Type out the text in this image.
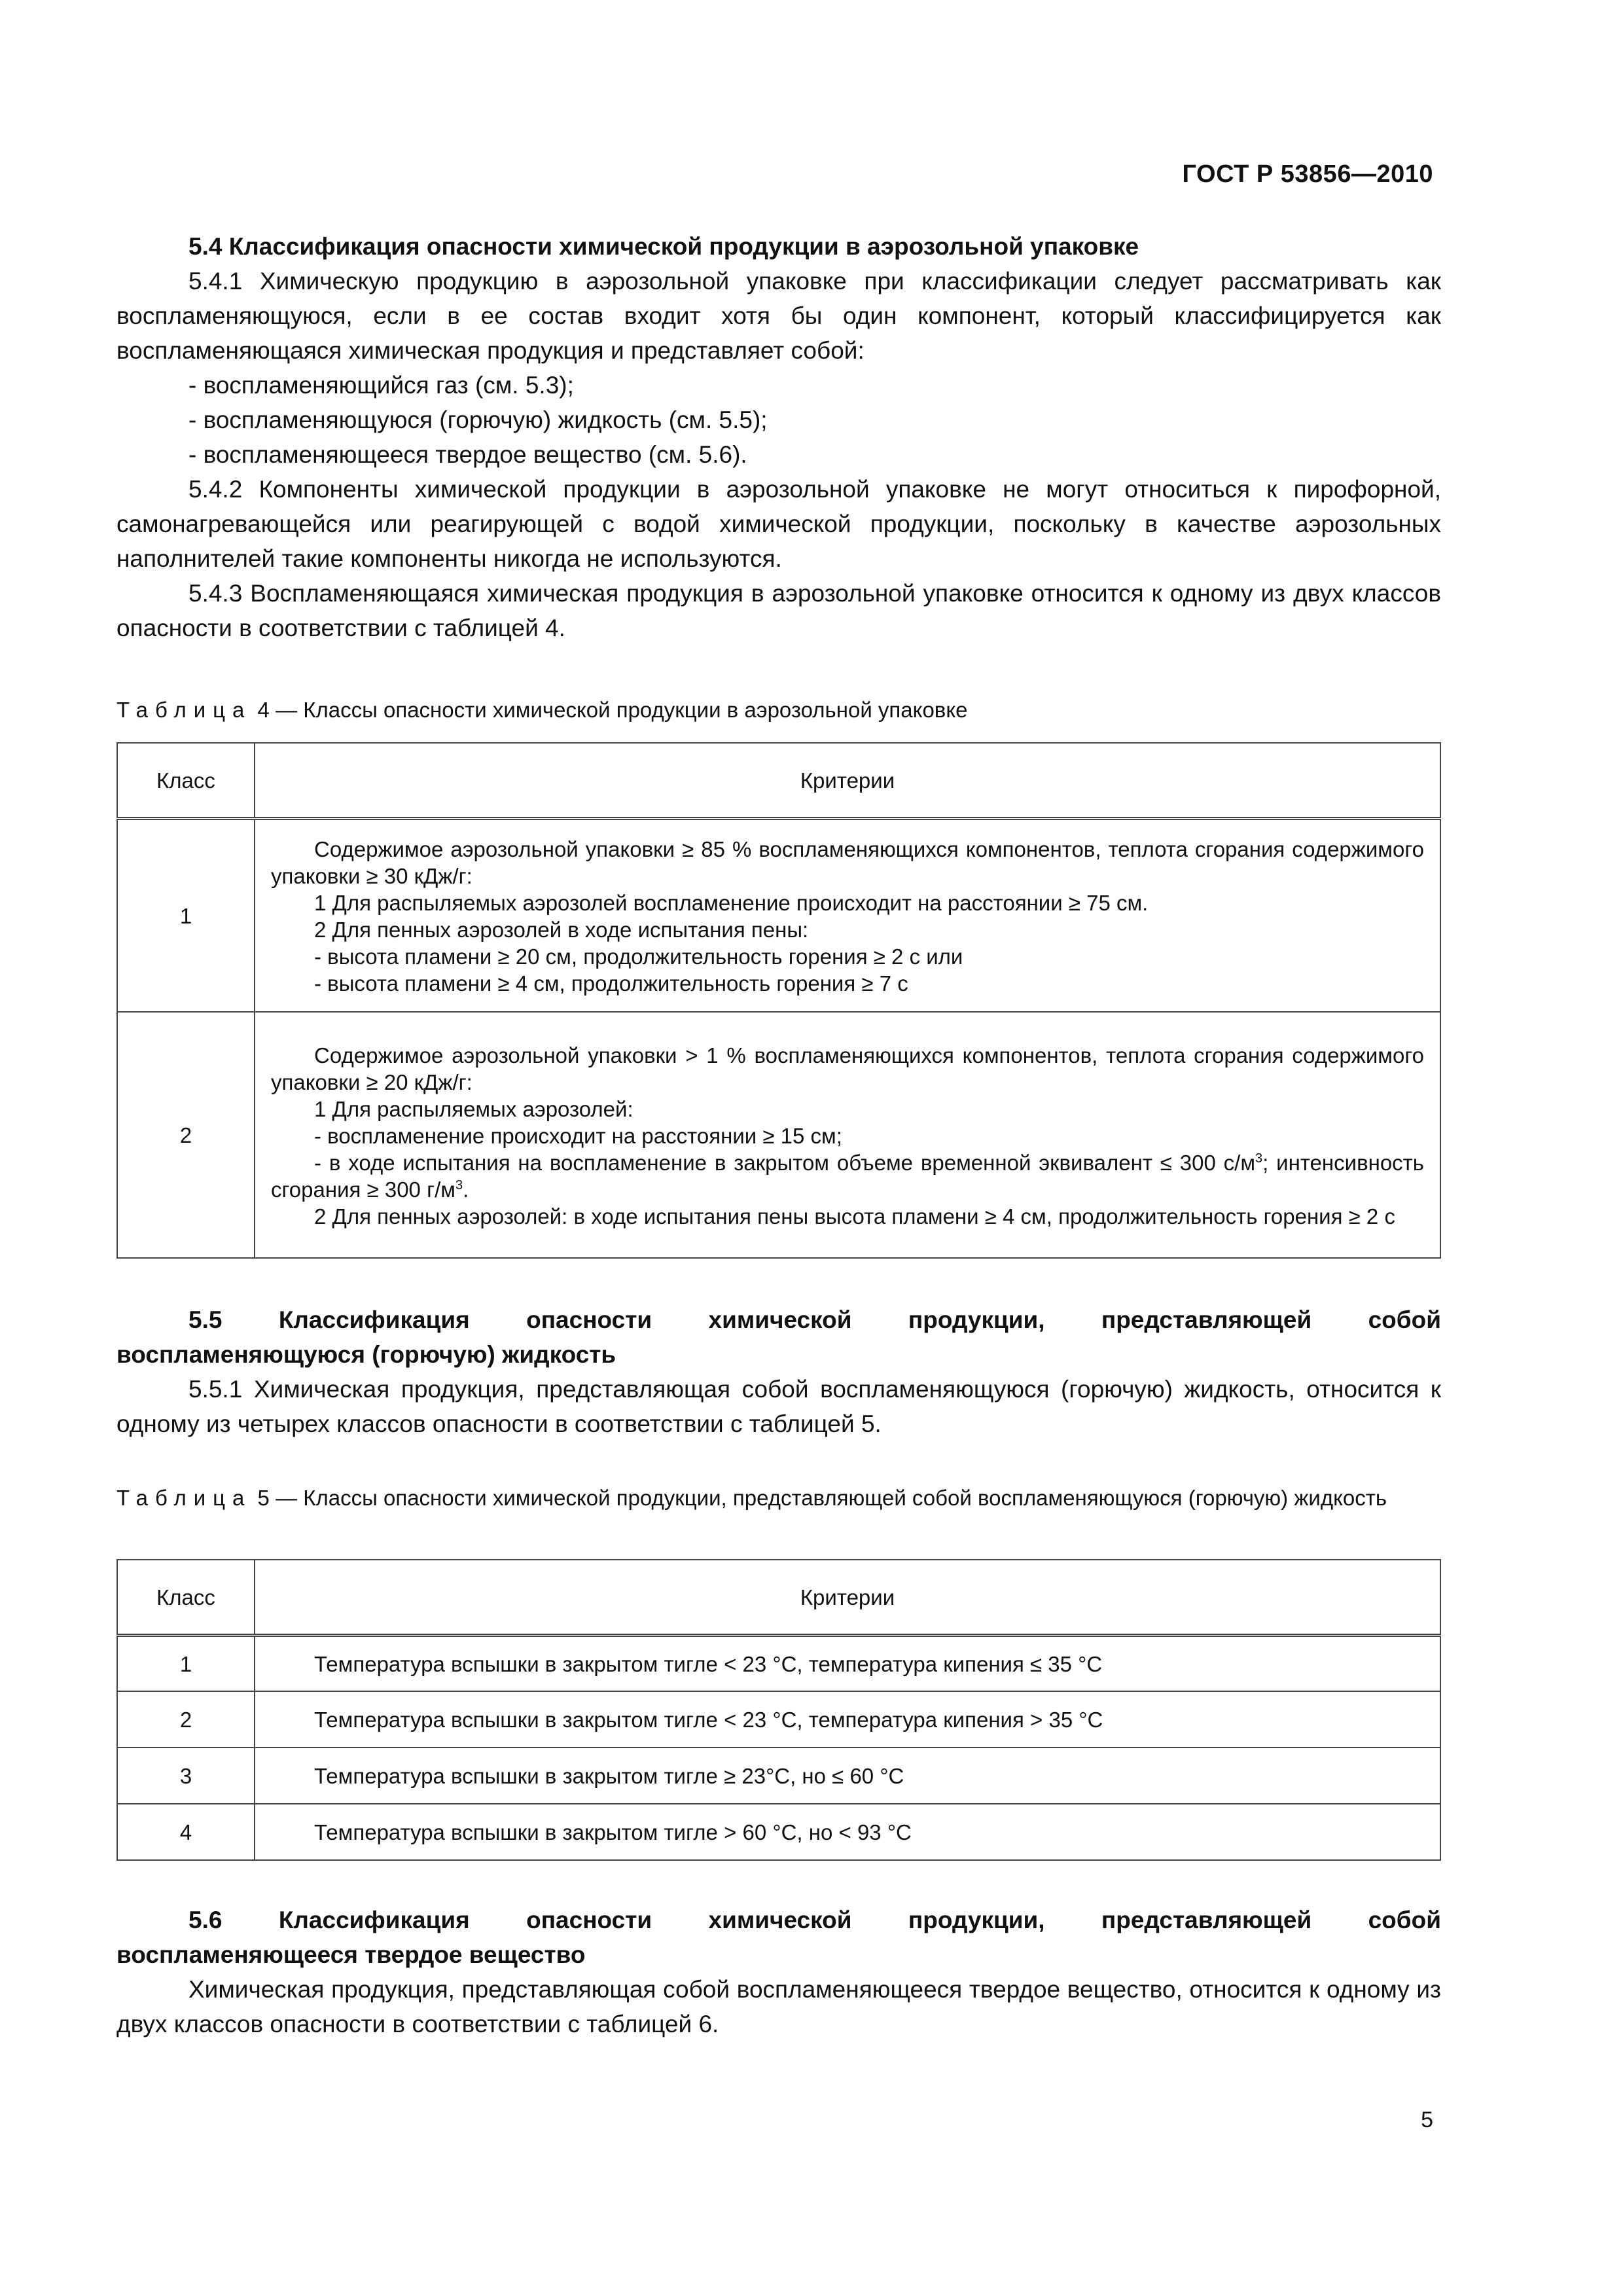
ГОСТ Р 53856—2010

5.4 Классификация опасности химической продукции в аэрозольной упаковке

5.4.1 Химическую продукцию в аэрозольной упаковке при классификации следует рассматривать как воспламеняющуюся, если в ее состав входит хотя бы один компонент, который классифицируется как воспламеняющаяся химическая продукция и представляет собой:

- воспламеняющийся газ (см. 5.3);

- воспламеняющуюся (горючую) жидкость (см. 5.5);

- воспламеняющееся твердое вещество (см. 5.6).

5.4.2 Компоненты химической продукции в аэрозольной упаковке не могут относиться к пирофорной, самонагревающейся или реагирующей с водой химической продукции, поскольку в качестве аэрозольных наполнителей такие компоненты никогда не используются.

5.4.3 Воспламеняющаяся химическая продукция в аэрозольной упаковке относится к одному из двух классов опасности в соответствии с таблицей 4.

Таблица 4 — Классы опасности химической продукции в аэрозольной упаковке
Класс	Критерии
1	Содержимое аэрозольной упаковки ≥ 85 % воспламеняющихся компонентов, теплота сгорания содержимого упаковки ≥ 30 кДж/г:
1 Для распыляемых аэрозолей воспламенение происходит на расстоянии ≥ 75 см.
2 Для пенных аэрозолей в ходе испытания пены:
- высота пламени ≥ 20 см, продолжительность горения ≥ 2 с или
- высота пламени ≥ 4 см, продолжительность горения ≥ 7 с

2	Содержимое аэрозольной упаковки > 1 % воспламеняющихся компонентов, теплота сгорания содержимого упаковки ≥ 20 кДж/г:
1 Для распыляемых аэрозолей:
- воспламенение происходит на расстоянии ≥ 15 см;
- в ходе испытания на воспламенение в закрытом объеме временной эквивалент ≤ 300 $с/м^3$; интенсивность сгорания ≥ 300 $г/м^3$.
2 Для пенных аэрозолей: в ходе испытания пены высота пламени ≥ 4 см, продолжительность горения ≥ 2 с

5.5 Классификация опасности химической продукции, представляющей собой

воспламеняющуюся (горючую) жидкость

5.5.1 Химическая продукция, представляющая собой воспламеняющуюся (горючую) жидкость, относится к одному из четырех классов опасности в соответствии с таблицей 5.

Таблица 5 — Классы опасности химической продукции, представляющей собой воспламеняющуюся (горючую) жидкость
Класс	Критерии
1	Температура вспышки в закрытом тигле < 23 °C, температура кипения ≤ 35 °C
2	Температура вспышки в закрытом тигле < 23 °C, температура кипения > 35 °C
3	Температура вспышки в закрытом тигле ≥ 23°C, но ≤ 60 °C
4	Температура вспышки в закрытом тигле > 60 °C, но < 93 °C

5.6 Классификация опасности химической продукции, представляющей собой

воспламеняющееся твердое вещество

Химическая продукция, представляющая собой воспламеняющееся твердое вещество, относится к одному из двух классов опасности в соответствии с таблицей 6.

5
